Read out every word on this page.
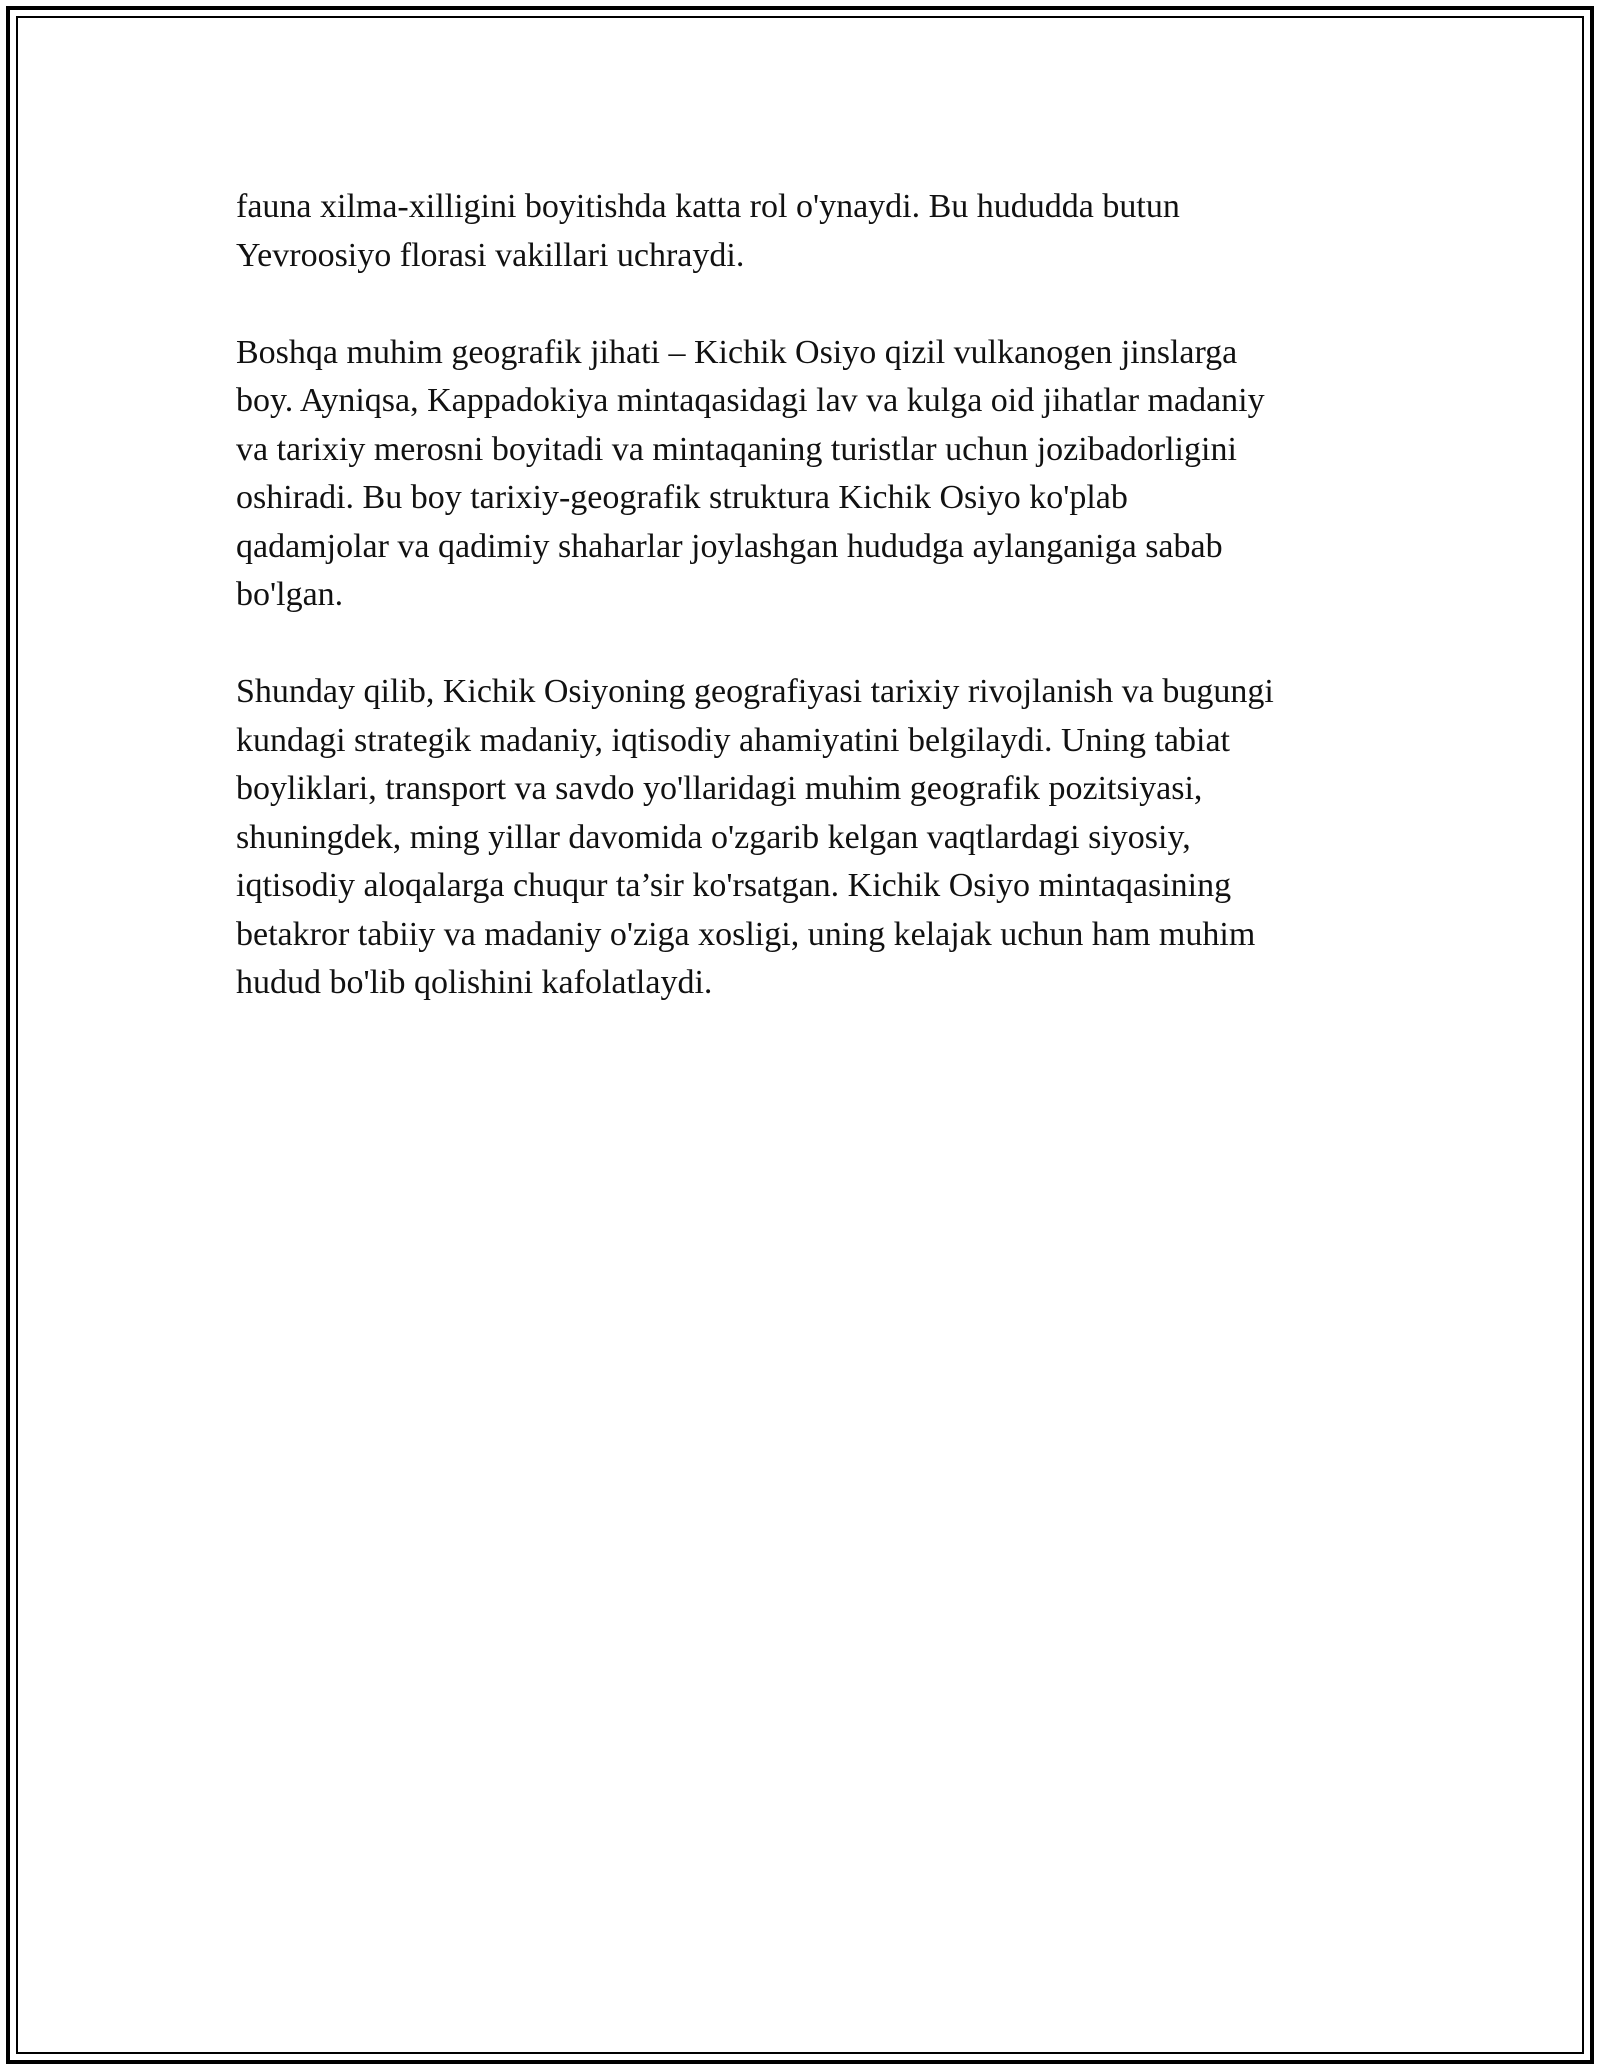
fauna xilma-xilligini boyitishda katta rol o'ynaydi. Bu hududda butun
Yevroosiyo florasi vakillari uchraydi.

Boshqa muhim geografik jihati – Kichik Osiyo qizil vulkanogen jinslarga
boy. Ayniqsa, Kappadokiya mintaqasidagi lav va kulga oid jihatlar madaniy
va tarixiy merosni boyitadi va mintaqaning turistlar uchun jozibadorligini
oshiradi. Bu boy tarixiy-geografik struktura Kichik Osiyo ko'plab
qadamjolar va qadimiy shaharlar joylashgan hududga aylanganiga sabab
bo'lgan.

Shunday qilib, Kichik Osiyoning geografiyasi tarixiy rivojlanish va bugungi
kundagi strategik madaniy, iqtisodiy ahamiyatini belgilaydi. Uning tabiat
boyliklari, transport va savdo yo'llaridagi muhim geografik pozitsiyasi,
shuningdek, ming yillar davomida o'zgarib kelgan vaqtlardagi siyosiy,
iqtisodiy aloqalarga chuqur ta’sir ko'rsatgan. Kichik Osiyo mintaqasining
betakror tabiiy va madaniy o'ziga xosligi, uning kelajak uchun ham muhim
hudud bo'lib qolishini kafolatlaydi.
